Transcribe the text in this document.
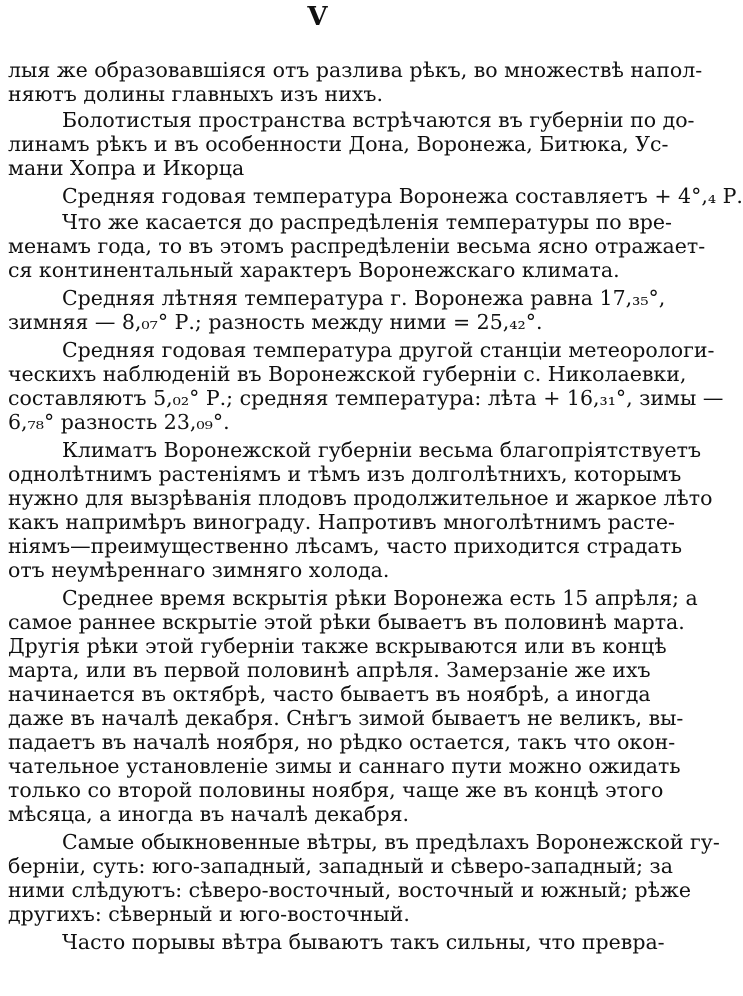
V
лыя же образовавшiяся отъ разлива рѣкъ, во множествѣ напол-
няютъ долины главныхъ изъ нихъ.
Болотистыя пространства встрѣчаются въ губернiи по до-
линамъ рѣкъ и въ особенности Дона, Воронежа, Битюка, Ус-
мани Хопра и Икорца
Средняя годовая температура Воронежа составляетъ + 4°,₄ Р.
Что же касается до распредѣленiя температуры по вре-
менамъ года, то въ этомъ распредѣленiи весьма ясно отражает-
ся континентальный характеръ Воронежскаго климата.
Средняя лѣтняя температура г. Воронежа равна 17,₃₅°,
зимняя — 8,₀₇° Р.; разность между ними = 25,₄₂°.
Средняя годовая температура другой станцiи метеорологи-
ческихъ наблюденiй въ Воронежской губернiи с. Николаевки,
составляютъ 5,₀₂° Р.; средняя температура: лѣта + 16,₃₁°, зимы —
6,₇₈° разность 23,₀₉°.
Климатъ Воронежской губернiи весьма благопрiятствуетъ
однолѣтнимъ растенiямъ и тѣмъ изъ долголѣтнихъ, которымъ
нужно для вызрѣванiя плодовъ продолжительное и жаркое лѣто
какъ напримѣръ винограду. Напротивъ многолѣтнимъ расте-
нiямъ—преимущественно лѣсамъ, часто приходится страдать
отъ неумѣреннаго зимняго холода.
Среднее время вскрытiя рѣки Воронежа есть 15 апрѣля; а
самое раннее вскрытiе этой рѣки бываетъ въ половинѣ марта.
Другiя рѣки этой губернiи также вскрываются или въ концѣ
марта, или въ первой половинѣ апрѣля. Замерзанiе же ихъ
начинается въ октябрѣ, часто бываетъ въ ноябрѣ, а иногда
даже въ началѣ декабря. Снѣгъ зимой бываетъ не великъ, вы-
падаетъ въ началѣ ноября, но рѣдко остается, такъ что окон-
чательное установленiе зимы и саннаго пути можно ожидать
только со второй половины ноября, чаще же въ концѣ этого
мѣсяца, а иногда въ началѣ декабря.
Самые обыкновенные вѣтры, въ предѣлахъ Воронежской гу-
бернiи, суть: юго-западный, западный и сѣверо-западный; за
ними слѣдуютъ: сѣверо-восточный, восточный и южный; рѣже
другихъ: сѣверный и юго-восточный.
Часто порывы вѣтра бываютъ такъ сильны, что превра-
